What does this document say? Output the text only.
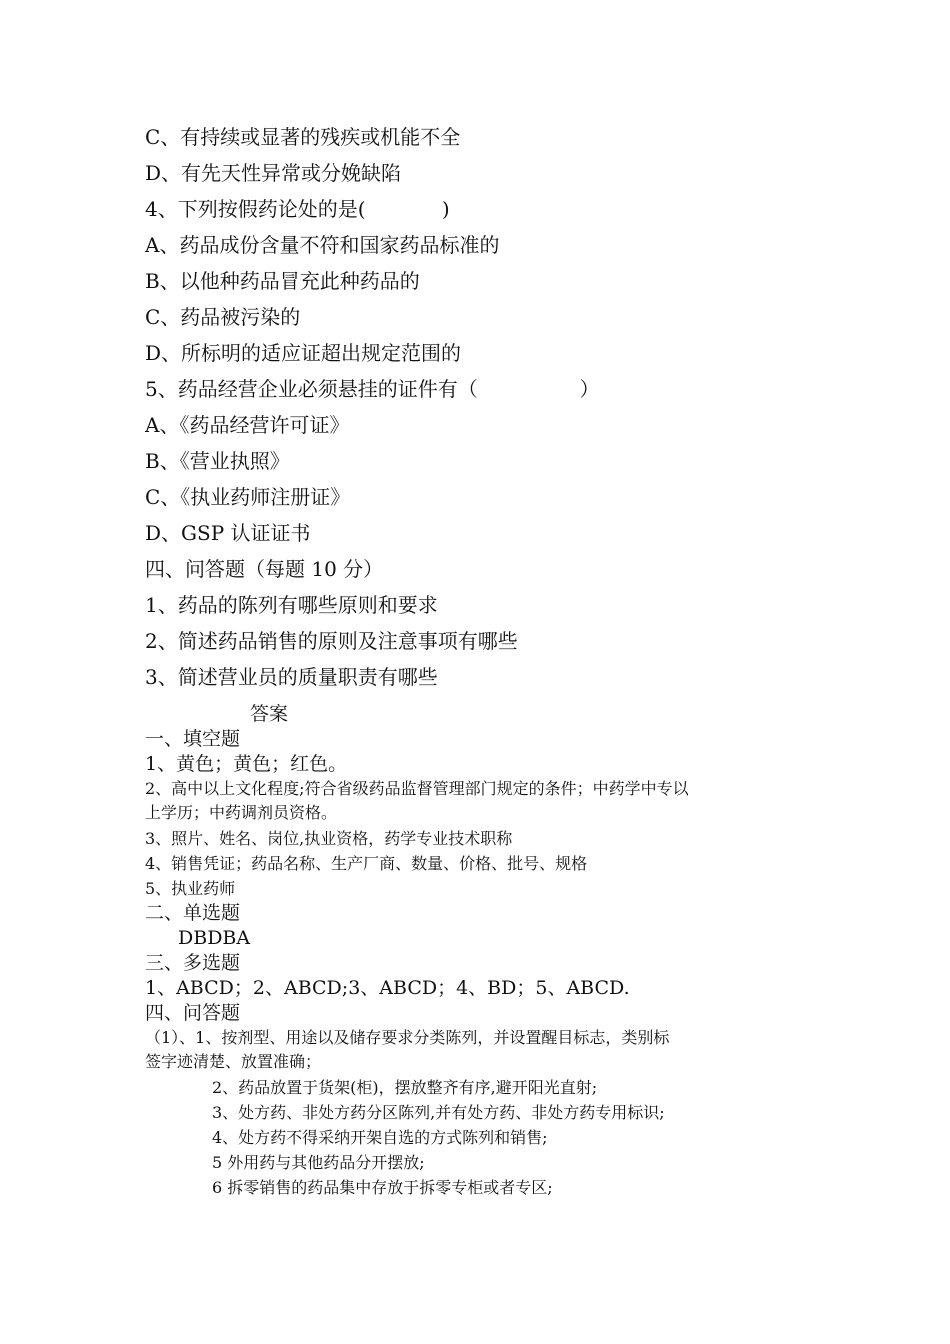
C、有持续或显著的残疾或机能不全
D、有先天性异常或分娩缺陷
4、下列按假药论处的是(            )
A、药品成份含量不符和国家药品标准的
B、以他种药品冒充此种药品的
C、药品被污染的
D、所标明的适应证超出规定范围的
5、药品经营企业必须悬挂的证件有（                ）
A、《药品经营许可证》
B、《营业执照》
C、《执业药师注册证》
D、GSP 认证证书
四、问答题（每题 10 分）
1、药品的陈列有哪些原则和要求
2、简述药品销售的原则及注意事项有哪些
3、简述营业员的质量职责有哪些
答案
一、填空题
1、黄色；黄色；红色。
2、高中以上文化程度;符合省级药品监督管理部门规定的条件；中药学中专以
上学历；中药调剂员资格。
3、照片、姓名、岗位,执业资格，药学专业技术职称
4、销售凭证；药品名称、生产厂商、数量、价格、批号、规格
5、执业药师
二、单选题
DBDBA
三、多选题
1、ABCD；2、ABCD;3、ABCD；4、BD；5、ABCD.
四、问答题
（1）、1、按剂型、用途以及储存要求分类陈列，并设置醒目标志，类别标
签字迹清楚、放置准确；
2、药品放置于货架(柜)，摆放整齐有序,避开阳光直射;
3、处方药、非处方药分区陈列,并有处方药、非处方药专用标识;
4、处方药不得采纳开架自选的方式陈列和销售;
5 外用药与其他药品分开摆放;
6 拆零销售的药品集中存放于拆零专柜或者专区;
